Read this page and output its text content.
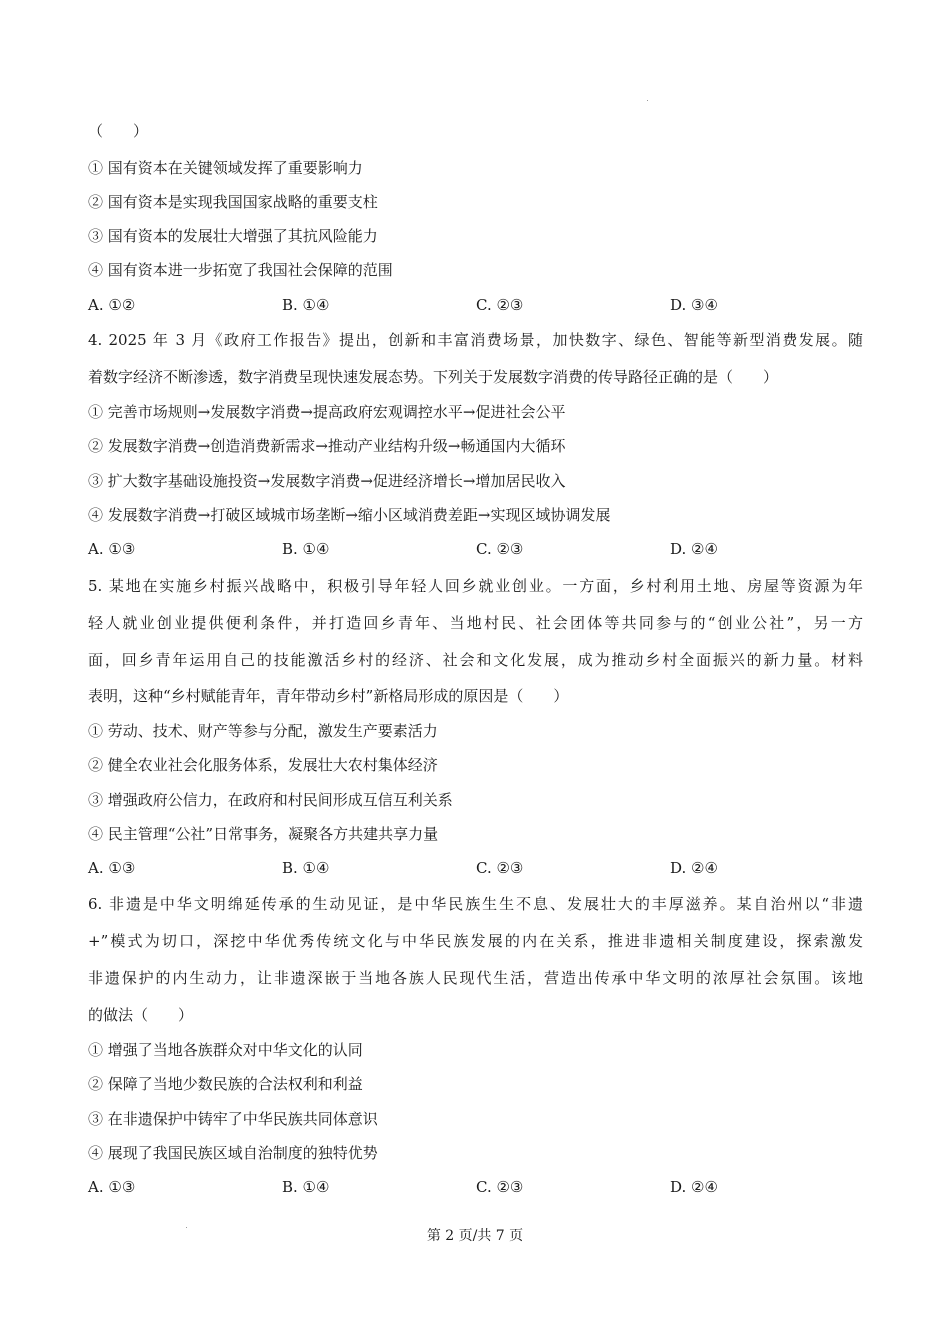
（　　）
① 国有资本在关键领域发挥了重要影响力
② 国有资本是实现我国国家战略的重要支柱
③ 国有资本的发展壮大增强了其抗风险能力
④ 国有资本进一步拓宽了我国社会保障的范围
A. ①②	B. ①④	C. ②③	D. ③④
4. 2025 年 3 月《政府工作报告》提出，创新和丰富消费场景，加快数字、绿色、智能等新型消费发展。随
着数字经济不断渗透，数字消费呈现快速发展态势。下列关于发展数字消费的传导路径正确的是（　　）
① 完善市场规则→发展数字消费→提高政府宏观调控水平→促进社会公平
② 发展数字消费→创造消费新需求→推动产业结构升级→畅通国内大循环
③ 扩大数字基础设施投资→发展数字消费→促进经济增长→增加居民收入
④ 发展数字消费→打破区域城市场垄断→缩小区域消费差距→实现区域协调发展
A. ①③	B. ①④	C. ②③	D. ②④
5. 某地在实施乡村振兴战略中，积极引导年轻人回乡就业创业。一方面，乡村利用土地、房屋等资源为年
轻人就业创业提供便利条件，并打造回乡青年、当地村民、社会团体等共同参与的“创业公社”，另一方
面，回乡青年运用自己的技能激活乡村的经济、社会和文化发展，成为推动乡村全面振兴的新力量。材料
表明，这种“乡村赋能青年，青年带动乡村”新格局形成的原因是（　　）
① 劳动、技术、财产等参与分配，激发生产要素活力
② 健全农业社会化服务体系，发展壮大农村集体经济
③ 增强政府公信力，在政府和村民间形成互信互利关系
④ 民主管理“公社”日常事务，凝聚各方共建共享力量
A. ①③	B. ①④	C. ②③	D. ②④
6. 非遗是中华文明绵延传承的生动见证，是中华民族生生不息、发展壮大的丰厚滋养。某自治州以“非遗
+”模式为切口，深挖中华优秀传统文化与中华民族发展的内在关系，推进非遗相关制度建设，探索激发
非遗保护的内生动力，让非遗深嵌于当地各族人民现代生活，营造出传承中华文明的浓厚社会氛围。该地
的做法（　　）
① 增强了当地各族群众对中华文化的认同
② 保障了当地少数民族的合法权利和利益
③ 在非遗保护中铸牢了中华民族共同体意识
④ 展现了我国民族区域自治制度的独特优势
A. ①③	B. ①④	C. ②③	D. ②④
第 2 页/共 7 页
